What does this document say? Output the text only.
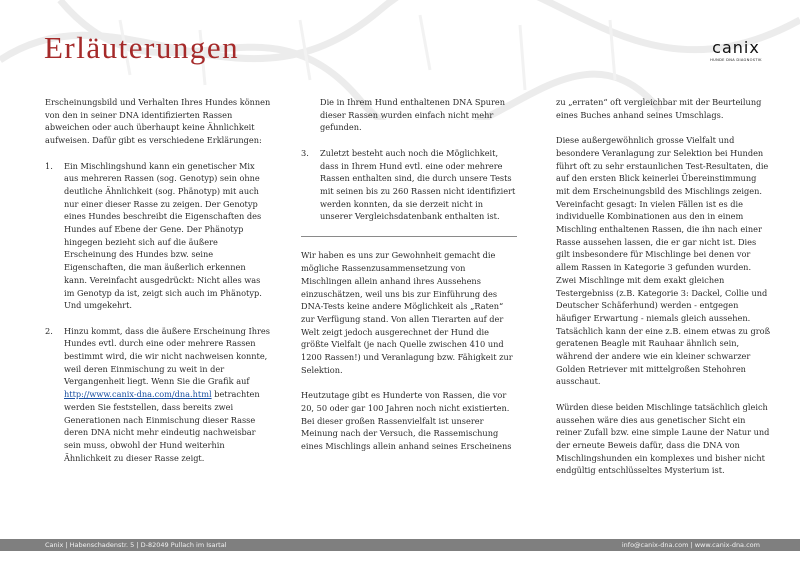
Erläuterungen	canix
HUNDE DNA DIAGNOSTIK

Erscheinungsbild und Verhalten Ihres Hundes können von den in seiner DNA identifizierten Rassen abweichen oder auch überhaupt keine Ähnlichkeit aufweisen. Dafür gibt es verschiedene Erklärungen:

1. Ein Mischlingshund kann ein genetischer Mix aus mehreren Rassen (sog. Genotyp) sein ohne deutliche Ähnlichkeit (sog. Phänotyp) mit auch nur einer dieser Rasse zu zeigen. Der Genotyp eines Hundes beschreibt die Eigenschaften des Hundes auf Ebene der Gene. Der Phänotyp hingegen bezieht sich auf die äußere Erscheinung des Hundes bzw. seine Eigenschaften, die man äußerlich erkennen kann. Vereinfacht ausgedrückt: Nicht alles was im Genotyp da ist, zeigt sich auch im Phänotyp. Und umgekehrt.

2. Hinzu kommt, dass die äußere Erscheinung Ihres Hundes evtl. durch eine oder mehrere Rassen bestimmt wird, die wir nicht nachweisen konnte, weil deren Einmischung zu weit in der Vergangenheit liegt. Wenn Sie die Grafik auf http://www.canix-dna.com/dna.html betrachten werden Sie feststellen, dass bereits zwei Generationen nach Einmischung dieser Rasse deren DNA nicht mehr eindeutig nachweisbar sein muss, obwohl der Hund weiterhin Ähnlichkeit zu dieser Rasse zeigt.

Die in Ihrem Hund enthaltenen DNA Spuren dieser Rassen wurden einfach nicht mehr gefunden.

3. Zuletzt besteht auch noch die Möglichkeit, dass in Ihrem Hund evtl. eine oder mehrere Rassen enthalten sind, die durch unsere Tests mit seinen bis zu 260 Rassen nicht identifiziert werden konnten, da sie derzeit nicht in unserer Vergleichsdatenbank enthalten ist.

Wir haben es uns zur Gewohnheit gemacht die mögliche Rassenzusammensetzung von Mischlingen allein anhand ihres Aussehens einzuschätzen, weil uns bis zur Einführung des DNA-Tests keine andere Möglichkeit als „Raten“ zur Verfügung stand. Von allen Tierarten auf der Welt zeigt jedoch ausgerechnet der Hund die größte Vielfalt (je nach Quelle zwischen 410 und 1200 Rassen!) und Veranlagung bzw. Fähigkeit zur Selektion.

Heutzutage gibt es Hunderte von Rassen, die vor 20, 50 oder gar 100 Jahren noch nicht existierten. Bei dieser großen Rassenvielfalt ist unserer Meinung nach der Versuch, die Rassemischung eines Mischlings allein anhand seines Erscheinens

zu „erraten“ oft vergleichbar mit der Beurteilung eines Buches anhand seines Umschlags.

Diese außergewöhnlich grosse Vielfalt und besondere Veranlagung zur Selektion bei Hunden führt oft zu sehr erstaunlichen Test-Resultaten, die auf den ersten Blick keinerlei Übereinstimmung mit dem Erscheinungsbild des Mischlings zeigen. Vereinfacht gesagt: In vielen Fällen ist es die individuelle Kombinationen aus den in einem Mischling enthaltenen Rassen, die ihn nach einer Rasse aussehen lassen, die er gar nicht ist. Dies gilt insbesondere für Mischlinge bei denen vor allem Rassen in Kategorie 3 gefunden wurden. Zwei Mischlinge mit dem exakt gleichen Testergebniss (z.B. Kategorie 3: Dackel, Collie und Deutscher Schäferhund) werden - entgegen häufiger Erwartung - niemals gleich aussehen. Tatsächlich kann der eine z.B. einem etwas zu groß geratenen Beagle mit Rauhaar ähnlich sein, während der andere wie ein kleiner schwarzer Golden Retriever mit mittelgroßen Stehohren ausschaut.

Würden diese beiden Mischlinge tatsächlich gleich aussehen wäre dies aus genetischer Sicht ein reiner Zufall bzw. eine simple Laune der Natur und der erneute Beweis dafür, dass die DNA von Mischlingshunden ein komplexes und bisher nicht endgültig entschlüsseltes Mysterium ist.

Canix | Habenschadenstr. 5 | D-82049 Pullach im Isartal	info@canix-dna.com | www.canix-dna.com
